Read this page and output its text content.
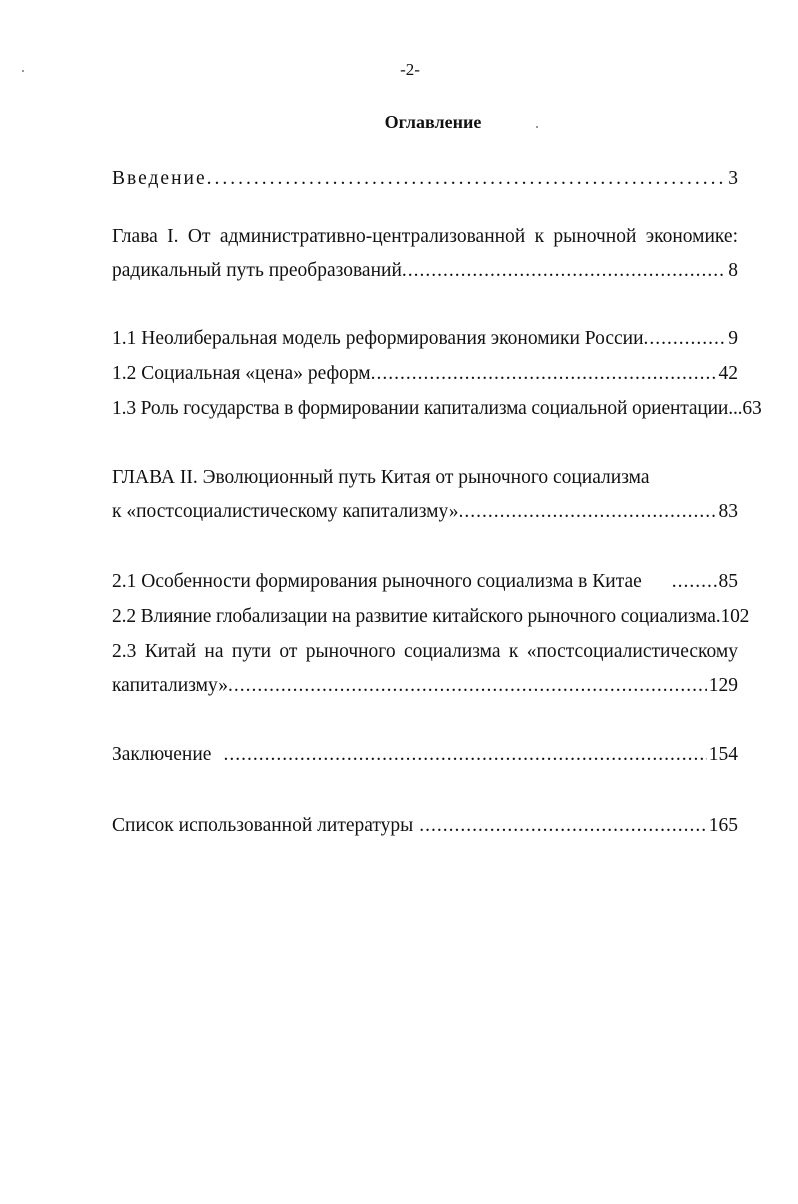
-2-
Оглавление
Введение .....	3
Глава I. От административно-централизованной к рыночной экономике:
радикальный путь преобразований .....	8
1.1 Неолиберальная модель реформирования экономики России .....	9
1.2 Социальная «цена» реформ .....	42
1.3 Роль государства в формировании капитализма социальной ориентации...63
ГЛАВА II. Эволюционный путь Китая от рыночного социализма
к «постсоциалистическому капитализму» .....	83
2.1 Особенности формирования рыночного социализма в Китае .....	85
2.2 Влияние глобализации на развитие китайского рыночного социализма.102
2.3 Китай на пути от рыночного социализма к «постсоциалистическому
капитализму» .....	129
Заключение .....	154
Список использованной литературы .....	165
